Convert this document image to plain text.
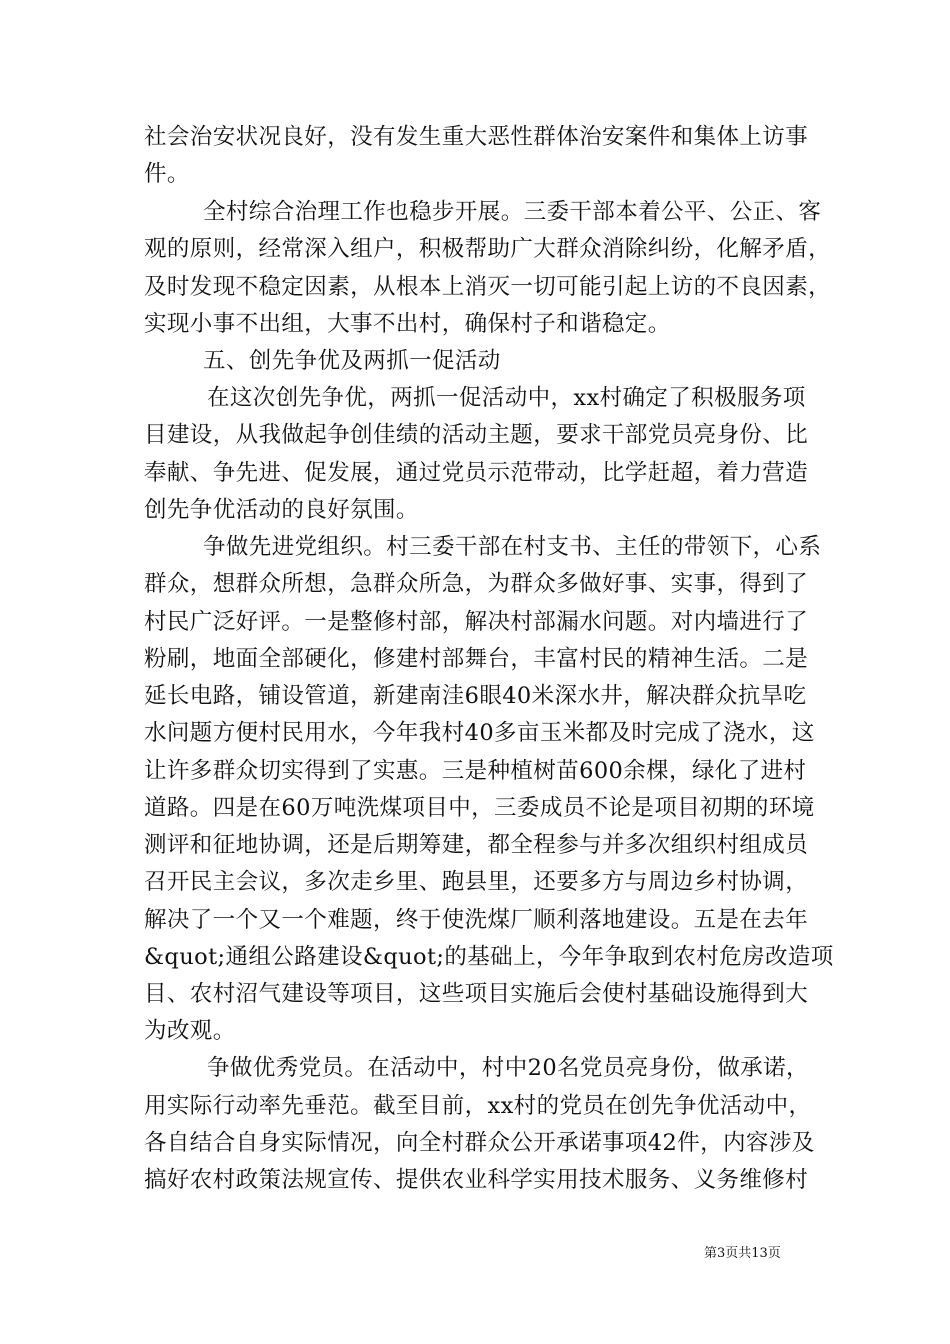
社会治安状况良好，没有发生重大恶性群体治安案件和集体上访事
件。
全村综合治理工作也稳步开展。三委干部本着公平、公正、客
观的原则，经常深入组户，积极帮助广大群众消除纠纷，化解矛盾，
及时发现不稳定因素，从根本上消灭一切可能引起上访的不良因素，
实现小事不出组，大事不出村，确保村子和谐稳定。
五、创先争优及两抓一促活动
在这次创先争优，两抓一促活动中，xx村确定了积极服务项
目建设，从我做起争创佳绩的活动主题，要求干部党员亮身份、比
奉献、争先进、促发展，通过党员示范带动，比学赶超，着力营造
创先争优活动的良好氛围。
争做先进党组织。村三委干部在村支书、主任的带领下，心系
群众，想群众所想，急群众所急，为群众多做好事、实事，得到了
村民广泛好评。一是整修村部，解决村部漏水问题。对内墙进行了
粉刷，地面全部硬化，修建村部舞台，丰富村民的精神生活。二是
延长电路，铺设管道，新建南洼6眼40米深水井，解决群众抗旱吃
水问题方便村民用水，今年我村40多亩玉米都及时完成了浇水，这
让许多群众切实得到了实惠。三是种植树苗600余棵，绿化了进村
道路。四是在60万吨洗煤项目中，三委成员不论是项目初期的环境
测评和征地协调，还是后期筹建，都全程参与并多次组织村组成员
召开民主会议，多次走乡里、跑县里，还要多方与周边乡村协调，
解决了一个又一个难题，终于使洗煤厂顺利落地建设。五是在去年
&quot;通组公路建设&quot;的基础上，今年争取到农村危房改造项
目、农村沼气建设等项目，这些项目实施后会使村基础设施得到大
为改观。
争做优秀党员。在活动中，村中20名党员亮身份，做承诺，
用实际行动率先垂范。截至目前，xx村的党员在创先争优活动中，
各自结合自身实际情况，向全村群众公开承诺事项42件，内容涉及
搞好农村政策法规宣传、提供农业科学实用技术服务、义务维修村
第3页共13页
